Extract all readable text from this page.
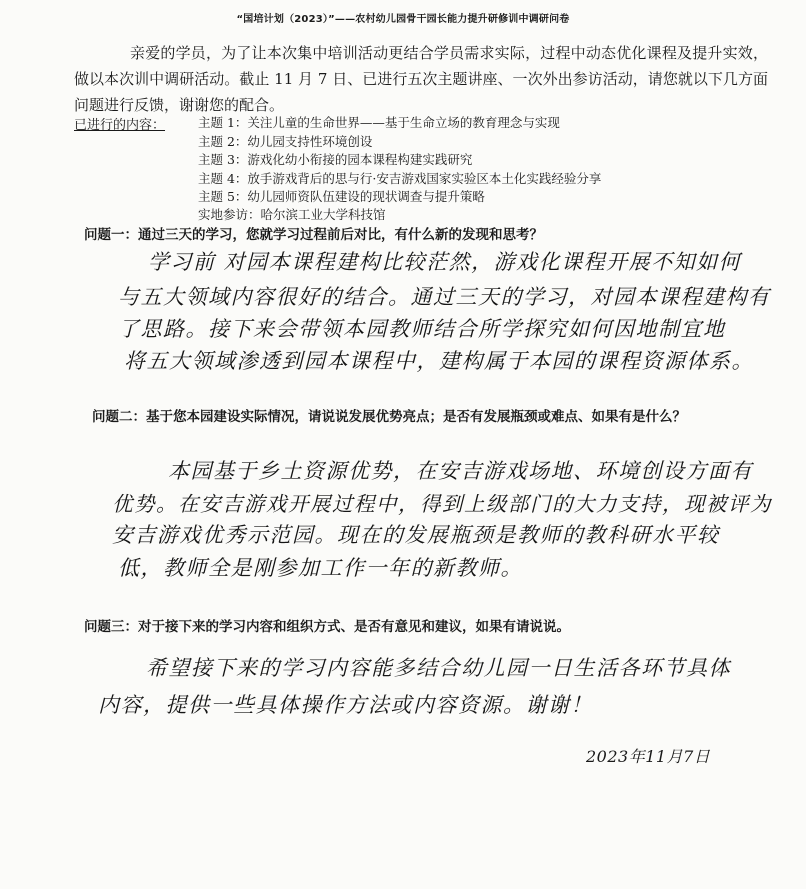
“国培计划（2023）”——农村幼儿园骨干园长能力提升研修训中调研问卷
亲爱的学员，为了让本次集中培训活动更结合学员需求实际，过程中动态优化课程及提升实效，做以本次训中调研活动。截止 11 月 7 日、已进行五次主题讲座、一次外出参访活动，请您就以下几方面问题进行反馈，谢谢您的配合。
已进行的内容：	主题 1：关注儿童的生命世界——基于生命立场的教育理念与实现
主题 2：幼儿园支持性环境创设
主题 3：游戏化幼小衔接的园本课程构建实践研究
主题 4：放手游戏背后的思与行·安吉游戏国家实验区本土化实践经验分享
主题 5：幼儿园师资队伍建设的现状调查与提升策略
实地参访：哈尔滨工业大学科技馆
问题一：通过三天的学习，您就学习过程前后对比，有什么新的发现和思考？
学习前 对园本课程建构比较茫然，游戏化课程开展不知如何
与五大领域内容很好的结合。通过三天的学习，对园本课程建构有
了思路。接下来会带领本园教师结合所学探究如何因地制宜地
将五大领域渗透到园本课程中，建构属于本园的课程资源体系。
问题二：基于您本园建设实际情况，请说说发展优势亮点；是否有发展瓶颈或难点、如果有是什么？
本园基于乡土资源优势，在安吉游戏场地、环境创设方面有
优势。在安吉游戏开展过程中，得到上级部门的大力支持，现被评为
安吉游戏优秀示范园。现在的发展瓶颈是教师的教科研水平较
低，教师全是刚参加工作一年的新教师。
问题三：对于接下来的学习内容和组织方式、是否有意见和建议，如果有请说说。
希望接下来的学习内容能多结合幼儿园一日生活各环节具体
内容，提供一些具体操作方法或内容资源。谢谢！
2023年11月7日
